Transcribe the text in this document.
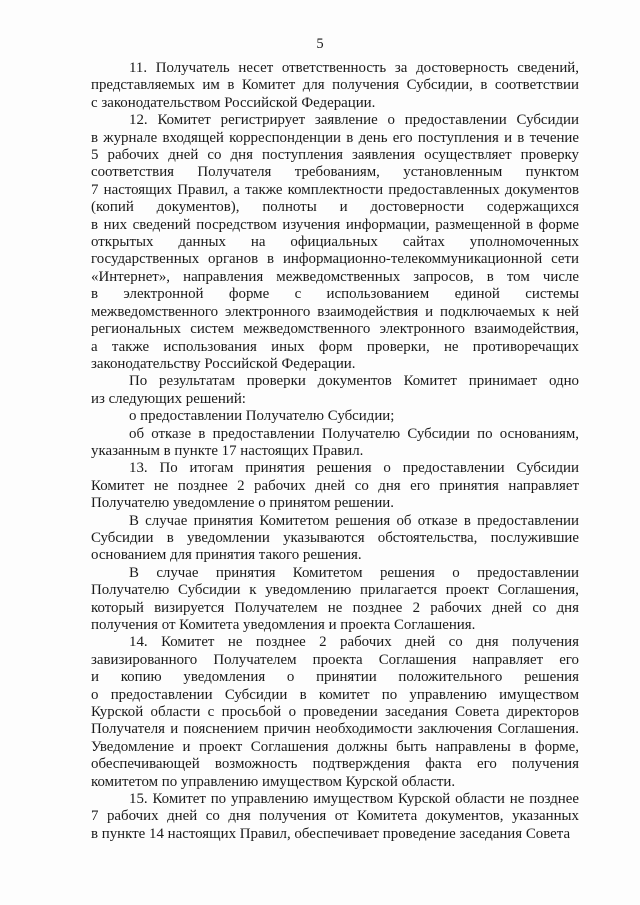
5
11. Получатель несет ответственность за достоверность сведений,
представляемых им в Комитет для получения Субсидии, в соответствии
с законодательством Российской Федерации.
12. Комитет регистрирует заявление о предоставлении Субсидии
в журнале входящей корреспонденции в день его поступления и в течение
5 рабочих дней со дня поступления заявления осуществляет проверку
соответствия Получателя требованиям, установленным пунктом
7 настоящих Правил, а также комплектности предоставленных документов
(копий документов), полноты и достоверности содержащихся
в них сведений посредством изучения информации, размещенной в форме
открытых данных на официальных сайтах уполномоченных
государственных органов в информационно-телекоммуникационной сети
«Интернет», направления межведомственных запросов, в том числе
в электронной форме с использованием единой системы
межведомственного электронного взаимодействия и подключаемых к ней
региональных систем межведомственного электронного взаимодействия,
а также использования иных форм проверки, не противоречащих
законодательству Российской Федерации.
По результатам проверки документов Комитет принимает одно
из следующих решений:
о предоставлении Получателю Субсидии;
об отказе в предоставлении Получателю Субсидии по основаниям,
указанным в пункте 17 настоящих Правил.
13. По итогам принятия решения о предоставлении Субсидии
Комитет не позднее 2 рабочих дней со дня его принятия направляет
Получателю уведомление о принятом решении.
В случае принятия Комитетом решения об отказе в предоставлении
Субсидии в уведомлении указываются обстоятельства, послужившие
основанием для принятия такого решения.
В случае принятия Комитетом решения о предоставлении
Получателю Субсидии к уведомлению прилагается проект Соглашения,
который визируется Получателем не позднее 2 рабочих дней со дня
получения от Комитета уведомления и проекта Соглашения.
14. Комитет не позднее 2 рабочих дней со дня получения
завизированного Получателем проекта Соглашения направляет его
и копию уведомления о принятии положительного решения
о предоставлении Субсидии в комитет по управлению имуществом
Курской области с просьбой о проведении заседания Совета директоров
Получателя и пояснением причин необходимости заключения Соглашения.
Уведомление и проект Соглашения должны быть направлены в форме,
обеспечивающей возможность подтверждения факта его получения
комитетом по управлению имуществом Курской области.
15. Комитет по управлению имуществом Курской области не позднее
7 рабочих дней со дня получения от Комитета документов, указанных
в пункте 14 настоящих Правил, обеспечивает проведение заседания Совета
